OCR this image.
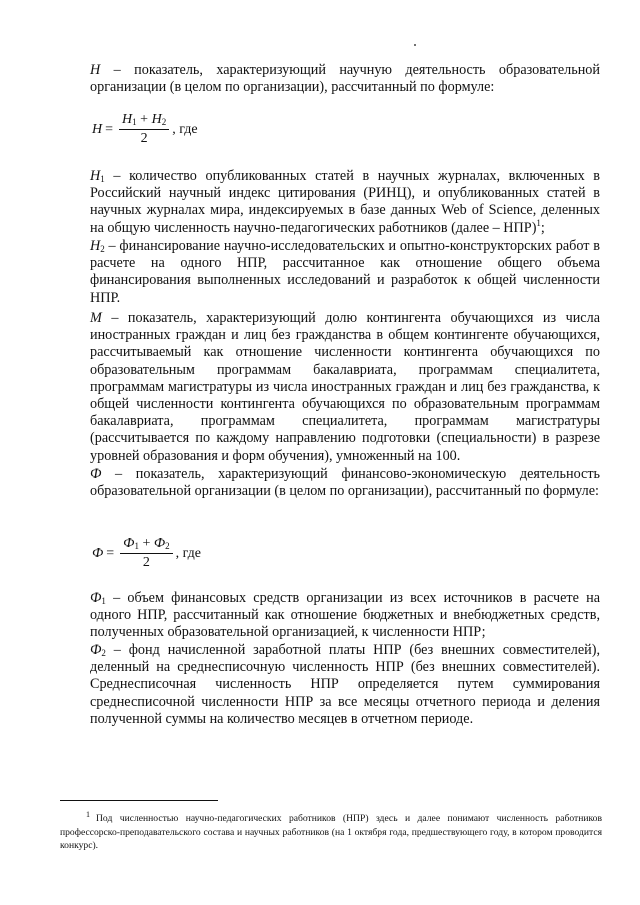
Н – показатель, характеризующий научную деятельность образовательной организации (в целом по организации), рассчитанный по формуле:
$Н = \frac{Н_1 + Н_2}{2}$ , где
$Н_1$ – количество опубликованных статей в научных журналах, включенных в Российский научный индекс цитирования (РИНЦ), и опубликованных статей в научных журналах мира, индексируемых в базе данных Web of Science, деленных на общую численность научно-педагогических работников (далее – НПР)$^1$;
$Н_2$ – финансирование научно-исследовательских и опытно-конструкторских работ в расчете на одного НПР, рассчитанное как отношение общего объема финансирования выполненных исследований и разработок к общей численности НПР.
М – показатель, характеризующий долю контингента обучающихся из числа иностранных граждан и лиц без гражданства в общем контингенте обучающихся, рассчитываемый как отношение численности контингента обучающихся по образовательным программам бакалавриата, программам специалитета, программам магистратуры из числа иностранных граждан и лиц без гражданства, к общей численности контингента обучающихся по образовательным программам бакалавриата, программам специалитета, программам магистратуры (рассчитывается по каждому направлению подготовки (специальности) в разрезе уровней образования и форм обучения), умноженный на 100.
Ф – показатель, характеризующий финансово-экономическую деятельность образовательной организации (в целом по организации), рассчитанный по формуле:
$Ф = \frac{Ф_1 + Ф_2}{2}$ , где
$Ф_1$ – объем финансовых средств организации из всех источников в расчете на одного НПР, рассчитанный как отношение бюджетных и внебюджетных средств, полученных образовательной организацией, к численности НПР;
$Ф_2$ – фонд начисленной заработной платы НПР (без внешних совместителей), деленный на среднесписочную численность НПР (без внешних совместителей). Среднесписочная численность НПР определяется путем суммирования среднесписочной численности НПР за все месяцы отчетного периода и деления полученной суммы на количество месяцев в отчетном периоде.
$^1$ Под численностью научно-педагогических работников (НПР) здесь и далее понимают численность работников профессорско-преподавательского состава и научных работников (на 1 октября года, предшествующего году, в котором проводится конкурс).
